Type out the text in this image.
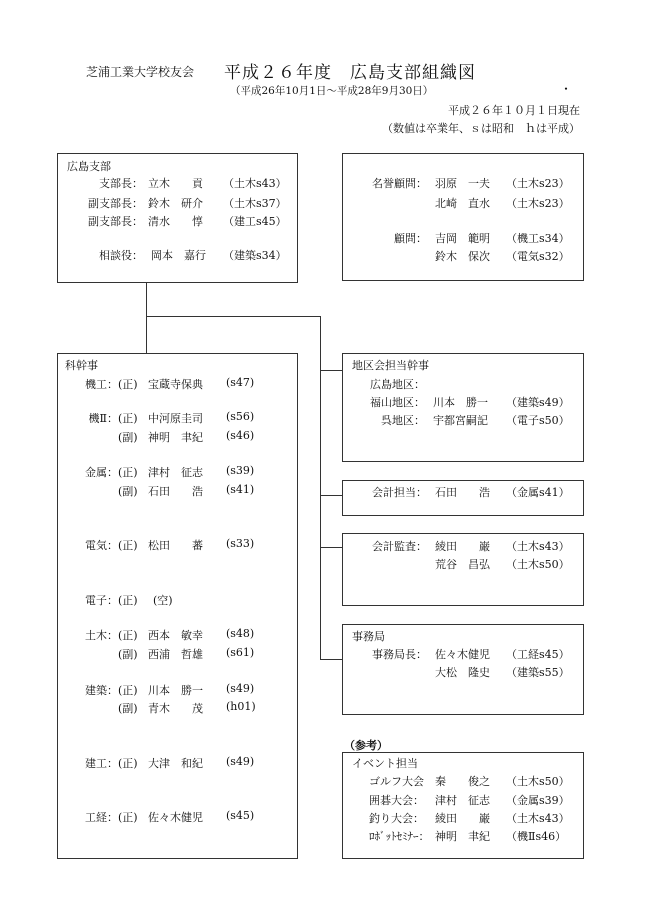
芝浦工業大学校友会 平成２６年度　広島支部組織図
（平成26年10月1日～平成28年9月30日）	・
平成２６年１０月１日現在
（数値は卒業年、ｓは昭和　ｈは平成）
広島支部
支部長： 立木　　貢 （土木s43）
副支部長： 鈴木　研介 （土木s37）
副支部長： 清水　　惇 （建工s45）
相談役： 岡本　嘉行 （建築s34）
名誉顧問： 羽原　一夫 （土木s23）
北崎　直水 （土木s23）
顧問： 吉岡　範明 （機工s34）
鈴木　保次 （電気s32）
科幹事
機工： (正) 宝蔵寺保典 (s47)
機Ⅱ： (正) 中河原圭司 (s56)
(副) 神明　聿紀 (s46)
金属： (正) 津村　征志 (s39)
(副) 石田　　浩 (s41)
電気： (正) 松田　　蕃 (s33)
電子： (正) (空)
土木： (正) 西本　敏幸 (s48)
(副) 西浦　哲雄 (s61)
建築： (正) 川本　勝一 (s49)
(副) 青木　　茂 (h01)
建工： (正) 大津　和紀 (s49)
工経： (正) 佐々木健児 (s45)
地区会担当幹事
広島地区：
福山地区： 川本　勝一 （建築s49）
呉地区： 宇都宮嗣記 （電子s50）
会計担当： 石田　　浩 （金属s41）
会計監査： 綾田　　巌 （土木s43）
荒谷　昌弘 （土木s50）
事務局
事務局長： 佐々木健児 （工経s45）
大松　隆史 （建築s55）
（参考）
イベント担当
ゴルフ大会 秦　　俊之 （土木s50）
囲碁大会： 津村　征志 （金属s39）
釣り大会： 綾田　　巌 （土木s43）
ﾛﾎﾞｯﾄｾﾐﾅｰ： 神明　聿紀 （機Ⅱs46）
